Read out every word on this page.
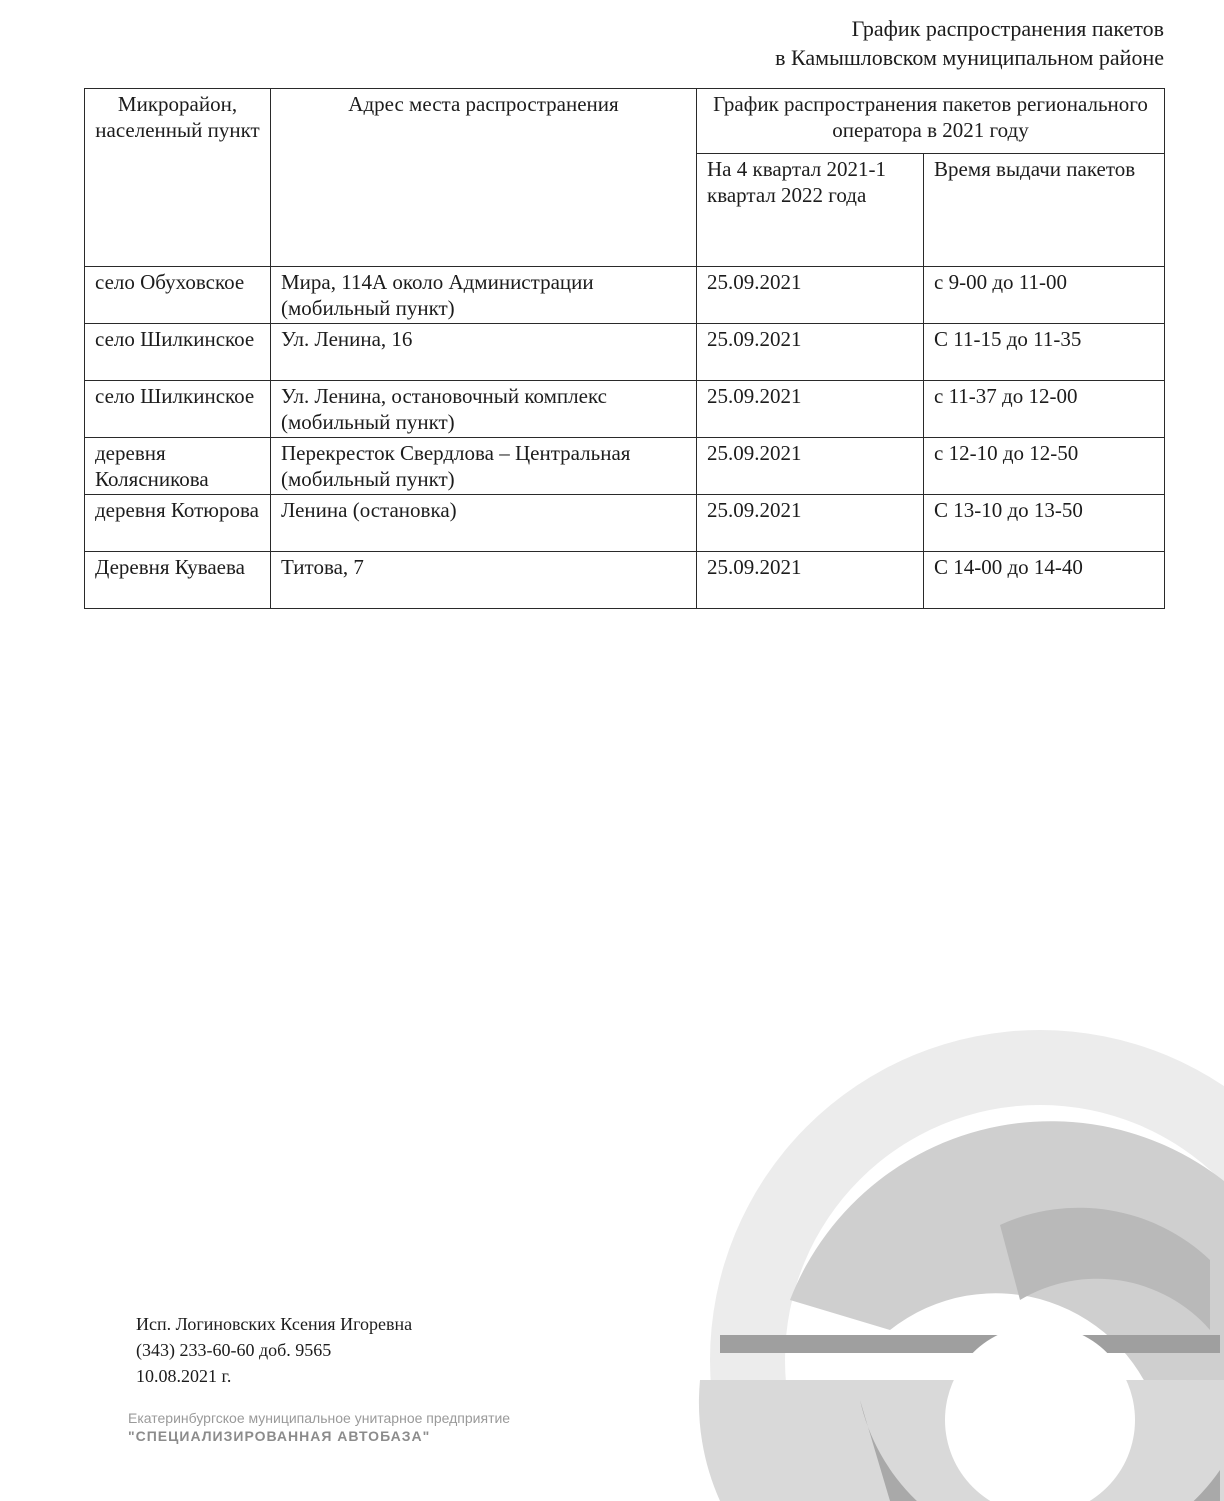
График распространения пакетов
в Камышловском муниципальном районе
Микрорайон, населенный пункт	Адрес места распространения	График распространения пакетов регионального оператора в 2021 году	
		На 4 квартал 2021-1 квартал 2022 года	Время выдачи пакетов
село Обуховское	Мира, 114А около Администрации (мобильный пункт)	25.09.2021	с 9-00 до 11-00
село Шилкинское	Ул. Ленина, 16	25.09.2021	С 11-15 до 11-35
село Шилкинское	Ул. Ленина, остановочный комплекс (мобильный пункт)	25.09.2021	с 11-37 до 12-00
деревня Колясникова	Перекресток Свердлова – Центральная (мобильный пункт)	25.09.2021	с 12-10 до 12-50
деревня Котюрова	Ленина (остановка)	25.09.2021	С 13-10 до 13-50
Деревня Куваева	Титова, 7	25.09.2021	С 14-00 до 14-40
Исп. Логиновских Ксения Игоревна
(343) 233-60-60 доб. 9565
10.08.2021 г.
Екатеринбургское муниципальное унитарное предприятие
"СПЕЦИАЛИЗИРОВАННАЯ АВТОБАЗА"
